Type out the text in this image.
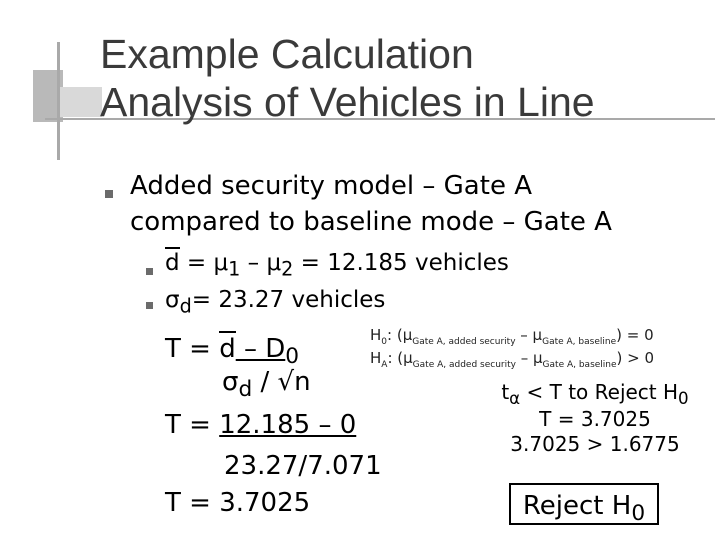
Example Calculation
Analysis of Vehicles in Line
Added security model – Gate A
compared to baseline mode – Gate A
$d = \mu_1 - \mu_2 = 12.185$ vehicles
$\sigma_d= 23.27$ vehicles
$T = d - D_0$
$\sigma_d / √n$
T = 12.185 – 0
23.27/7.071
T = 3.7025
$H_0$: $(\mu_{Gate A, added security} - \mu_{Gate A, baseline}) = 0$
$H_A$: $(\mu_{Gate A, added security} - \mu_{Gate A, baseline}) > 0$
$t_\alpha < T$ to Reject $H_0$
T = 3.7025
3.7025 > 1.6775
Reject $H_0$
